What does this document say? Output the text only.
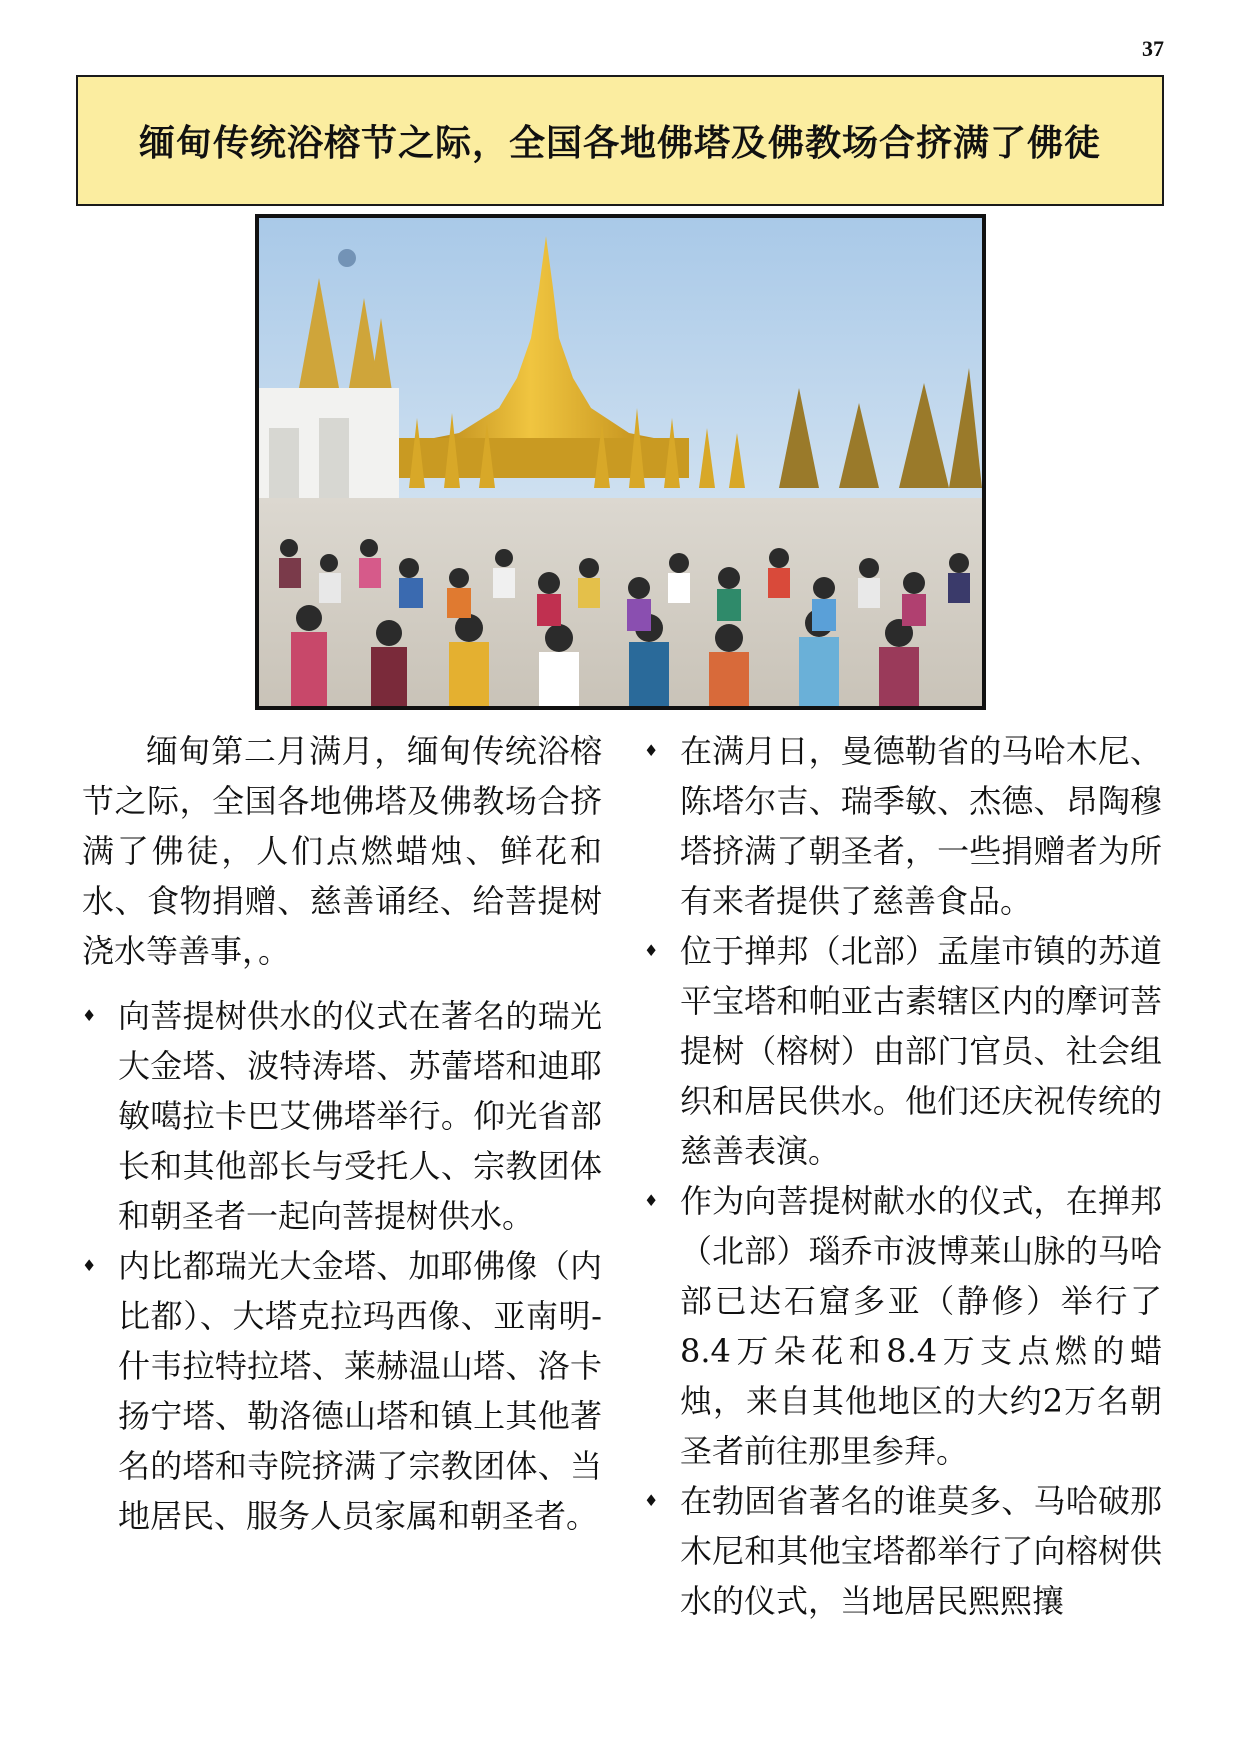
37
缅甸传统浴榕节之际，全国各地佛塔及佛教场合挤满了佛徒

缅甸第二月满月，缅甸传统浴榕节之际，全国各地佛塔及佛教场合挤满了佛徒，人们点燃蜡烛、鲜花和水、食物捐赠、慈善诵经、给菩提树浇水等善事，。

♦ 向菩提树供水的仪式在著名的瑞光大金塔、波特涛塔、苏蕾塔和迪耶敏噶拉卡巴艾佛塔举行。仰光省部长和其他部长与受托人、宗教团体和朝圣者一起向菩提树供水。
♦ 内比都瑞光大金塔、加耶佛像（内比都）、大塔克拉玛西像、亚南明-什韦拉特拉塔、莱赫温山塔、洛卡扬宁塔、勒洛德山塔和镇上其他著名的塔和寺院挤满了宗教团体、当地居民、服务人员家属和朝圣者。
♦ 在满月日，曼德勒省的马哈木尼、陈塔尔吉、瑞季敏、杰德、昂陶穆塔挤满了朝圣者，一些捐赠者为所有来者提供了慈善食品。
♦ 位于掸邦（北部）孟崖市镇的苏道平宝塔和帕亚古素辖区内的摩诃菩提树（榕树）由部门官员、社会组织和居民供水。他们还庆祝传统的慈善表演。
♦ 作为向菩提树献水的仪式，在掸邦（北部）瑙乔市波博莱山脉的马哈部已达石窟多亚（静修）举行了8.4万朵花和8.4万支点燃的蜡烛，来自其他地区的大约2万名朝圣者前往那里参拜。
♦ 在勃固省著名的谁莫多、马哈破那木尼和其他宝塔都举行了向榕树供水的仪式，当地居民熙熙攘
